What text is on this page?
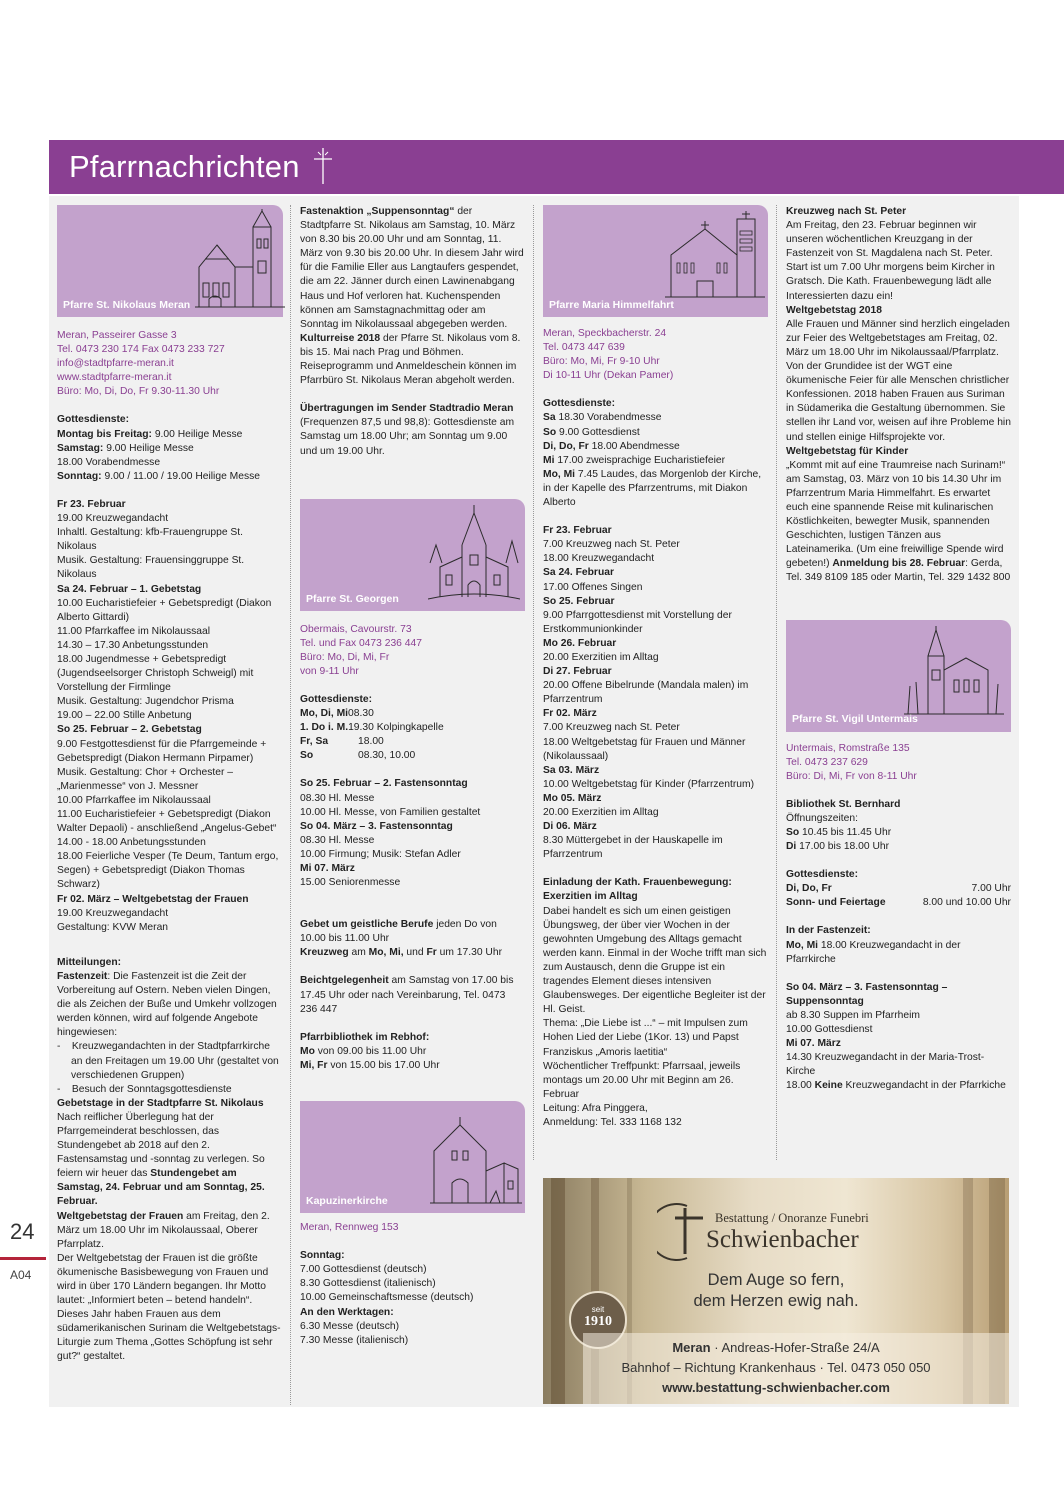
Pfarrnachrichten
Pfarre St. Nikolaus Meran

Meran, Passeirer Gasse 3

Tel. 0473 230 174 Fax 0473 233 727

info@stadtpfarre-meran.it

www.stadtpfarre-meran.it

Büro: Mo, Di, Do, Fr 9.30-11.30 Uhr

Gottesdienste:

Montag bis Freitag: 9.00 Heilige Messe

Samstag: 9.00 Heilige Messe

18.00 Vorabendmesse

Sonntag: 9.00 / 11.00 / 19.00 Heilige Messe

Fr 23. Februar

19.00 Kreuzwegandacht

Inhaltl. Gestaltung: kfb-Frauengruppe St. Nikolaus

Musik. Gestaltung: Frauensinggruppe St. Nikolaus

Sa 24. Februar – 1. Gebetstag

10.00 Eucharistiefeier + Gebetspredigt (Diakon Alberto Gittardi)

11.00 Pfarrkaffee im Nikolaussaal

14.30 – 17.30 Anbetungsstunden

18.00 Jugendmesse + Gebetspredigt (Jugendseelsorger Christoph Schweigl) mit Vorstellung der Firmlinge

Musik. Gestaltung: Jugendchor Prisma

19.00 – 22.00 Stille Anbetung

So 25. Februar – 2. Gebetstag

9.00 Festgottesdienst für die Pfarrgemeinde + Gebetspredigt (Diakon Hermann Pirpamer)

Musik. Gestaltung: Chor + Orchester – „Marienmesse“ von J. Messner

10.00 Pfarrkaffee im Nikolaussaal

11.00 Eucharistiefeier + Gebetspredigt (Diakon Walter Depaoli) - anschließend „Angelus-Gebet“

14.00 - 18.00 Anbetungsstunden

18.00 Feierliche Vesper (Te Deum, Tantum ergo, Segen) + Gebetspredigt (Diakon Thomas Schwarz)

Fr 02. März – Weltgebetstag der Frauen

19.00 Kreuzwegandacht

Gestaltung: KVW Meran

Mitteilungen:

Fastenzeit: Die Fastenzeit ist die Zeit der Vorbereitung auf Ostern. Neben vielen Dingen, die als Zeichen der Buße und Umkehr vollzogen werden können, wird auf folgende Angebote hingewiesen:

-    Kreuzwegandachten in der Stadtpfarrkirche an den Freitagen um 19.00 Uhr (gestaltet von verschiedenen Gruppen)

-    Besuch der Sonntagsgottesdienste

Gebetstage in der Stadtpfarre St. Nikolaus

Nach reiflicher Überlegung hat der Pfarrgemeinderat beschlossen, das Stundengebet ab 2018 auf den 2. Fastensamstag und -sonntag zu verlegen. So feiern wir heuer das Stundengebet am Samstag, 24. Februar und am Sonntag, 25. Februar.

Weltgebetstag der Frauen am Freitag, den 2. März um 18.00 Uhr im Nikolaussaal, Oberer Pfarrplatz.

Der Weltgebetstag der Frauen ist die größte ökumenische Basisbewegung von Frauen und wird in über 170 Ländern begangen. Ihr Motto lautet: „Informiert beten – betend handeln“. Dieses Jahr haben Frauen aus dem südamerikanischen Surinam die Weltgebetstags-Liturgie zum Thema „Gottes Schöpfung ist sehr gut?“ gestaltet.

Fastenaktion „Suppensonntag“ der Stadtpfarre St. Nikolaus am Samstag, 10. März von 8.30 bis 20.00 Uhr und am Sonntag, 11. März von 9.30 bis 20.00 Uhr. In diesem Jahr wird für die Familie Eller aus Langtaufers gespendet, die am 22. Jänner durch einen Lawinenabgang Haus und Hof verloren hat. Kuchenspenden können am Samstagnachmittag oder am Sonntag im Nikolaussaal abgegeben werden.

Kulturreise 2018 der Pfarre St. Nikolaus vom 8. bis 15. Mai nach Prag und Böhmen. Reiseprogramm und Anmeldeschein können im Pfarrbüro St. Nikolaus Meran abgeholt werden.

Übertragungen im Sender Stadtradio Meran (Frequenzen 87,5 und 98,8): Gottesdienste am Samstag um 18.00 Uhr; am Sonntag um 9.00 und um 19.00 Uhr.

Pfarre St. Georgen

Obermais, Cavourstr. 73

Tel. und Fax 0473 236 447

Büro: Mo, Di, Mi, Fr

von 9-11 Uhr

Gottesdienste:

Mo, Di, Mi 08.30

1. Do i. M. 19.30 Kolpingkapelle

Fr, Sa	18.00

So	08.30, 10.00

So 25. Februar – 2. Fastensonntag

08.30 Hl. Messe

10.00 Hl. Messe, von Familien gestaltet

So 04. März – 3. Fastensonntag

08.30 Hl. Messe

10.00 Firmung; Musik: Stefan Adler

Mi 07. März

15.00 Seniorenmesse

Gebet um geistliche Berufe jeden Do von 10.00 bis 11.00 Uhr

Kreuzweg am Mo, Mi, und Fr um 17.30 Uhr

Beichtgelegenheit am Samstag von 17.00 bis 17.45 Uhr oder nach Vereinbarung, Tel. 0473 236 447

Pfarrbibliothek im Rebhof:

Mo von 09.00 bis 11.00 Uhr

Mi, Fr von 15.00 bis 17.00 Uhr

Kapuzinerkirche

Meran, Rennweg 153

Sonntag:

7.00 Gottesdienst (deutsch)

8.30 Gottesdienst (italienisch)

10.00 Gemeinschaftsmesse (deutsch)

An den Werktagen:

6.30 Messe (deutsch)

7.30 Messe (italienisch)

Pfarre Maria Himmelfahrt

Meran, Speckbacherstr. 24

Tel. 0473 447 639

Büro: Mo, Mi, Fr 9-10 Uhr

Di 10-11 Uhr (Dekan Pamer)

Gottesdienste:

Sa 18.30 Vorabendmesse

So 9.00 Gottesdienst

Di, Do, Fr 18.00 Abendmesse

Mi 17.00 zweisprachige Eucharistiefeier

Mo, Mi 7.45 Laudes, das Morgenlob der Kirche, in der Kapelle des Pfarrzentrums, mit Diakon Alberto

Fr 23. Februar

7.00 Kreuzweg nach St. Peter

18.00 Kreuzwegandacht

Sa 24. Februar

17.00 Offenes Singen

So 25. Februar

9.00 Pfarrgottesdienst mit Vorstellung der Erstkommunionkinder

Mo 26. Februar

20.00 Exerzitien im Alltag

Di 27. Februar

20.00 Offene Bibelrunde (Mandala malen) im Pfarrzentrum

Fr 02. März

7.00 Kreuzweg nach St. Peter

18.00 Weltgebetstag für Frauen und Männer (Nikolaussaal)

Sa 03. März

10.00 Weltgebetstag für Kinder (Pfarrzentrum)

Mo 05. März

20.00 Exerzitien im Alltag

Di 06. März

8.30 Müttergebet in der Hauskapelle im Pfarrzentrum

Einladung der Kath. Frauenbewegung: Exerzitien im Alltag

Dabei handelt es sich um einen geistigen Übungsweg, der über vier Wochen in der gewohnten Umgebung des Alltags gemacht werden kann. Einmal in der Woche trifft man sich zum Austausch, denn die Gruppe ist ein tragendes Element dieses intensiven Glaubensweges. Der eigentliche Begleiter ist der Hl. Geist.

Thema: „Die Liebe ist ...“ – mit Impulsen zum Hohen Lied der Liebe (1Kor. 13) und Papst Franziskus „Amoris laetitia“

Wöchentlicher Treffpunkt: Pfarrsaal, jeweils montags um 20.00 Uhr mit Beginn am 26. Februar

Leitung: Afra Pinggera,

Anmeldung: Tel. 333 1168 132

Kreuzweg nach St. Peter

Am Freitag, den 23. Februar beginnen wir unseren wöchentlichen Kreuzgang in der Fastenzeit von St. Magdalena nach St. Peter. Start ist um 7.00 Uhr morgens beim Kircher in Gratsch. Die Kath. Frauenbewegung lädt alle Interessierten dazu ein!

Weltgebetstag 2018

Alle Frauen und Männer sind herzlich eingeladen zur Feier des Weltgebetstages am Freitag, 02. März um 18.00 Uhr im Nikolaussaal/Pfarrplatz. Von der Grundidee ist der WGT eine ökumenische Feier für alle Menschen christlicher Konfessionen. 2018 haben Frauen aus Suriman in Südamerika die Gestaltung übernommen. Sie stellen ihr Land vor, weisen auf ihre Probleme hin und stellen einige Hilfsprojekte vor.

Weltgebetstag für Kinder

„Kommt mit auf eine Traumreise nach Surinam!“ am Samstag, 03. März von 10 bis 14.30 Uhr im Pfarrzentrum Maria Himmelfahrt. Es erwartet euch eine spannende Reise mit kulinarischen Köstlichkeiten, bewegter Musik, spannenden Geschichten, lustigen Tänzen aus Lateinamerika. (Um eine freiwillige Spende wird gebeten!) Anmeldung bis 28. Februar: Gerda, Tel. 349 8109 185 oder Martin, Tel. 329 1432 800

Pfarre St. Vigil Untermais

Untermais, Romstraße 135

Tel. 0473 237 629

Büro: Di, Mi, Fr von 8-11 Uhr

Bibliothek St. Bernhard

Öffnungszeiten:

So 10.45 bis 11.45 Uhr

Di 17.00 bis 18.00 Uhr

Gottesdienste:

Di, Do, Fr	7.00 Uhr

Sonn- und Feiertage	8.00 und 10.00 Uhr

In der Fastenzeit:

Mo, Mi 18.00 Kreuzwegandacht in der Pfarrkirche

So 04. März – 3. Fastensonntag – Suppensonntag

ab 8.30 Suppen im Pfarrheim

10.00 Gottesdienst

Mi 07. März

14.30 Kreuzwegandacht in der Maria-Trost-Kirche

18.00 Keine Kreuzwegandacht in der Pfarrkiche

Bestattung / Onoranze Funebri
Schwienbacher
Dem Auge so fern,
dem Herzen ewig nah.
seit
1910
Meran · Andreas-Hofer-Straße 24/A
Bahnhof – Richtung Krankenhaus · Tel. 0473 050 050
www.bestattung-schwienbacher.com
24
A04
